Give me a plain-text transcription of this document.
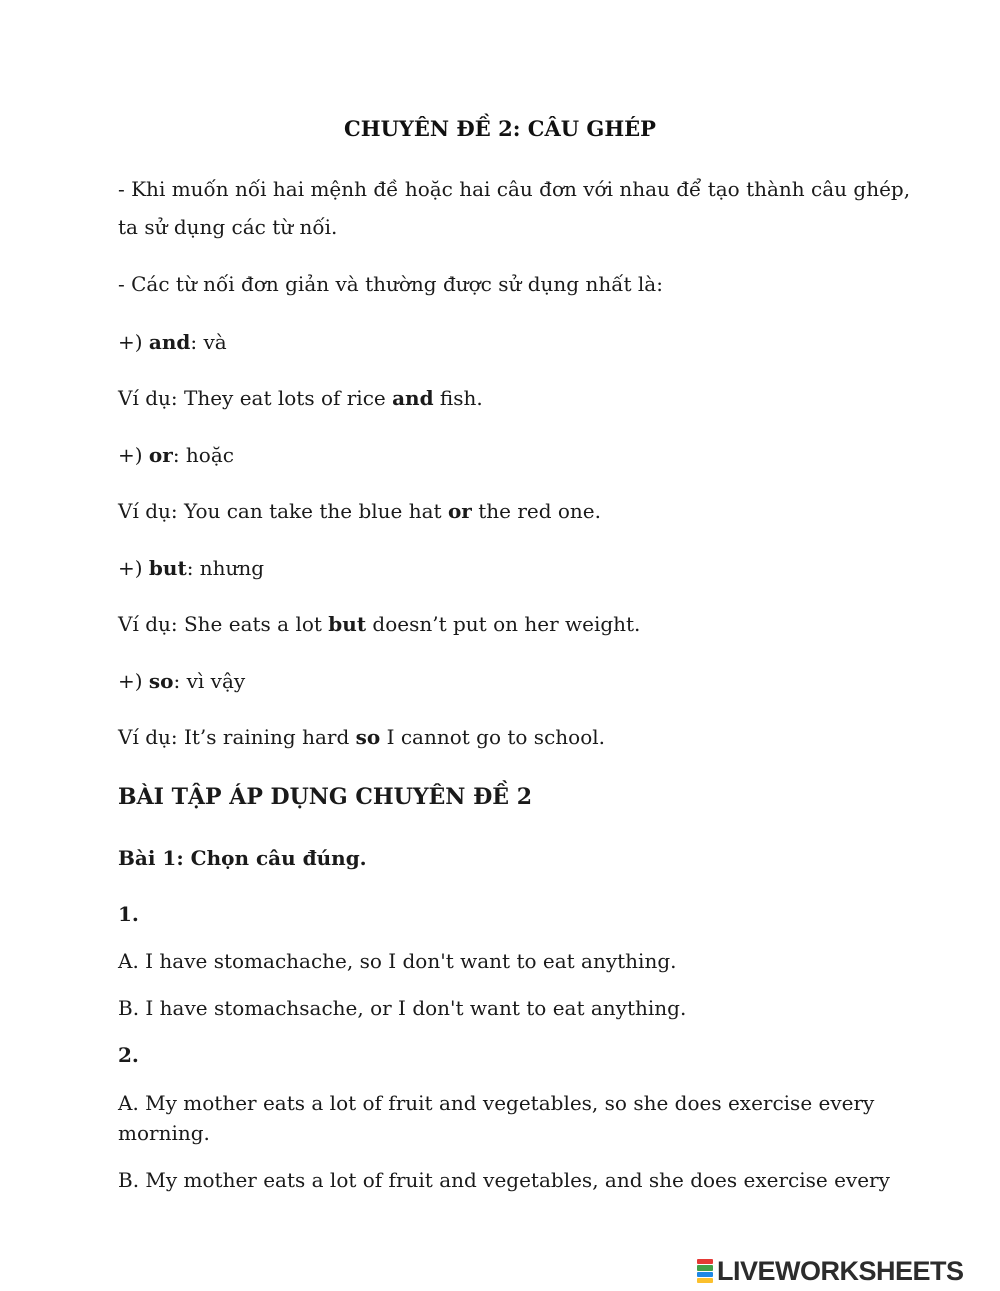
CHUYÊN ĐỀ 2: CÂU GHÉP
- Khi muốn nối hai mệnh đề hoặc hai câu đơn với nhau để tạo thành câu ghép,
ta sử dụng các từ nối.
- Các từ nối đơn giản và thường được sử dụng nhất là:
+) and: và
Ví dụ: They eat lots of rice and fish.
+) or: hoặc
Ví dụ: You can take the blue hat or the red one.
+) but: nhưng
Ví dụ: She eats a lot but doesn’t put on her weight.
+) so: vì vậy
Ví dụ: It’s raining hard so I cannot go to school.
BÀI TẬP ÁP DỤNG CHUYÊN ĐỀ 2
Bài 1: Chọn câu đúng.
1.
A. I have stomachache, so I don't want to eat anything.
B. I have stomachsache, or I don't want to eat anything.
2.
A. My mother eats a lot of fruit and vegetables, so she does exercise every
morning.
B. My mother eats a lot of fruit and vegetables, and she does exercise every
LIVEWORKSHEETS
